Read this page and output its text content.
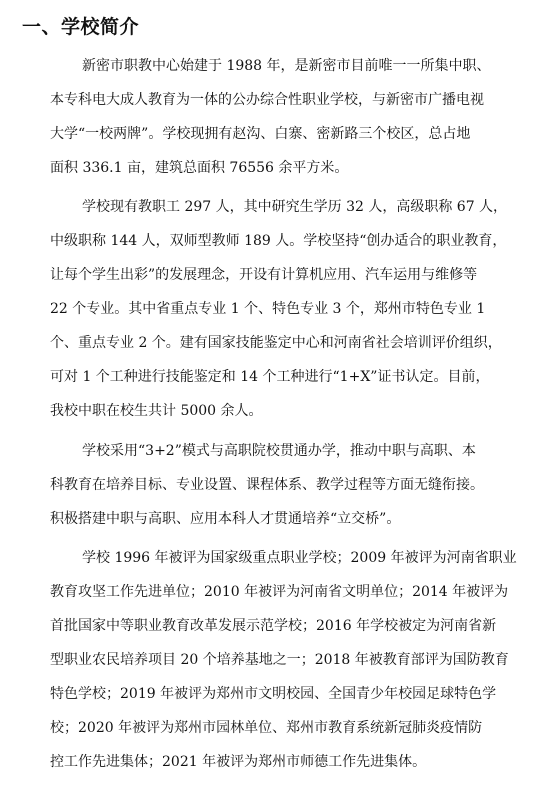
一、学校简介

新密市职教中心始建于 1988 年，是新密市目前唯一一所集中职、

本专科电大成人教育为一体的公办综合性职业学校，与新密市广播电视

大学“一校两牌”。学校现拥有赵沟、白寨、密新路三个校区，总占地

面积 336.1 亩，建筑总面积 76556 余平方米。

学校现有教职工 297 人，其中研究生学历 32 人，高级职称 67 人，

中级职称 144 人，双师型教师 189 人。学校坚持“创办适合的职业教育，

让每个学生出彩”的发展理念，开设有计算机应用、汽车运用与维修等

22 个专业。其中省重点专业 1 个、特色专业 3 个，郑州市特色专业 1

个、重点专业 2 个。建有国家技能鉴定中心和河南省社会培训评价组织，

可对 1 个工种进行技能鉴定和 14 个工种进行“1+X”证书认定。目前，

我校中职在校生共计 5000 余人。

学校采用“3+2”模式与高职院校贯通办学，推动中职与高职、本

科教育在培养目标、专业设置、课程体系、教学过程等方面无缝衔接。

积极搭建中职与高职、应用本科人才贯通培养“立交桥”。

学校 1996 年被评为国家级重点职业学校；2009 年被评为河南省职业

教育攻坚工作先进单位；2010 年被评为河南省文明单位；2014 年被评为

首批国家中等职业教育改革发展示范学校；2016 年学校被定为河南省新

型职业农民培养项目 20 个培养基地之一；2018 年被教育部评为国防教育

特色学校；2019 年被评为郑州市文明校园、全国青少年校园足球特色学

校；2020 年被评为郑州市园林单位、郑州市教育系统新冠肺炎疫情防

控工作先进集体；2021 年被评为郑州市师德工作先进集体。
